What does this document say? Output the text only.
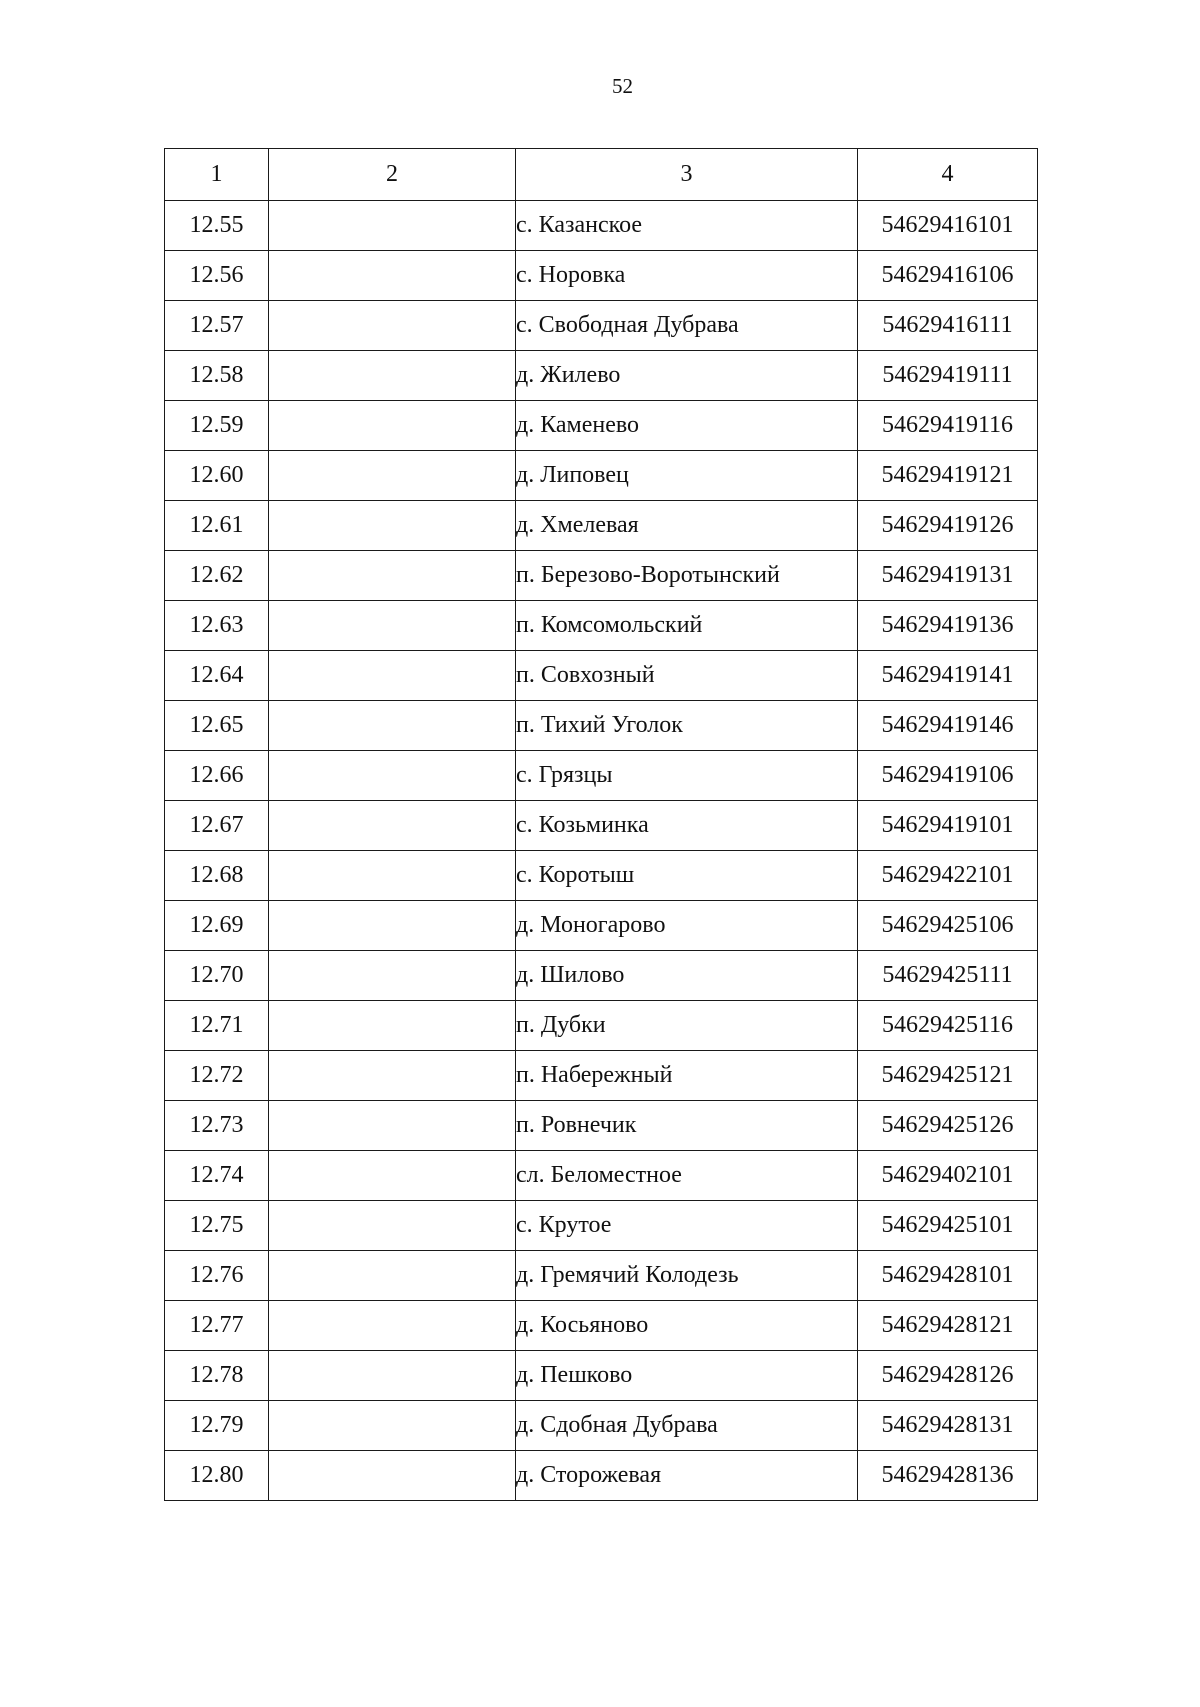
52
1	2	3	4
12.55		с. Казанское	54629416101
12.56		с. Норовка	54629416106
12.57		с. Свободная Дубрава	54629416111
12.58		д. Жилево	54629419111
12.59		д. Каменево	54629419116
12.60		д. Липовец	54629419121
12.61		д. Хмелевая	54629419126
12.62		п. Березово-Воротынский	54629419131
12.63		п. Комсомольский	54629419136
12.64		п. Совхозный	54629419141
12.65		п. Тихий Уголок	54629419146
12.66		с. Грязцы	54629419106
12.67		с. Козьминка	54629419101
12.68		с. Коротыш	54629422101
12.69		д. Моногарово	54629425106
12.70		д. Шилово	54629425111
12.71		п. Дубки	54629425116
12.72		п. Набережный	54629425121
12.73		п. Ровнечик	54629425126
12.74		сл. Беломестное	54629402101
12.75		с. Крутое	54629425101
12.76		д. Гремячий Колодезь	54629428101
12.77		д. Косьяново	54629428121
12.78		д. Пешково	54629428126
12.79		д. Сдобная Дубрава	54629428131
12.80		д. Сторожевая	54629428136
